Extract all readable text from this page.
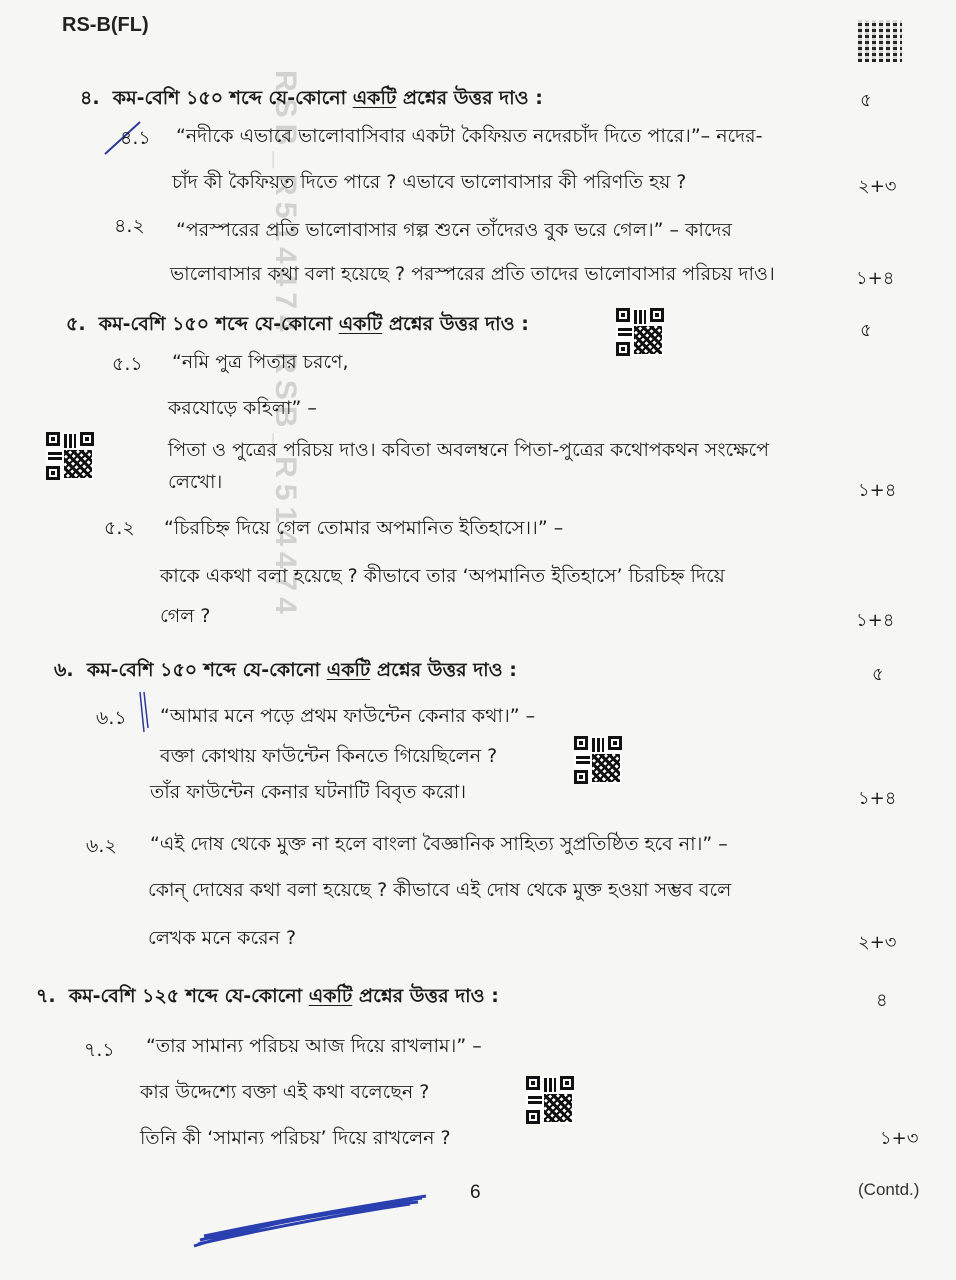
RS-B(FL)
RSB_R514474 RSB_R514474
৪. কম-বেশি ১৫০ শব্দে যে-কোনো একটি প্রশ্নের উত্তর দাও :	৫
৪.১ “নদীকে এভাবে ভালোবাসিবার একটা কৈফিয়ত নদেরচাঁদ দিতে পারে।”– নদের-
চাঁদ কী কৈফিয়ত দিতে পারে ? এভাবে ভালোবাসার কী পরিণতি হয় ?	২+৩
৪.২ “পরস্পরের প্রতি ভালোবাসার গল্প শুনে তাঁদেরও বুক ভরে গেল।” – কাদের
ভালোবাসার কথা বলা হয়েছে ? পরস্পরের প্রতি তাদের ভালোবাসার পরিচয় দাও।	১+৪
৫. কম-বেশি ১৫০ শব্দে যে-কোনো একটি প্রশ্নের উত্তর দাও :	৫
৫.১ “নমি পুত্র পিতার চরণে,
করযোড়ে কহিলা” –
পিতা ও পুত্রের পরিচয় দাও। কবিতা অবলম্বনে পিতা-পুত্রের কথোপকথন সংক্ষেপে
লেখো।	১+৪
৫.২ “চিরচিহ্ন দিয়ে গেল তোমার অপমানিত ইতিহাসে।।” –
কাকে একথা বলা হয়েছে ? কীভাবে তার ‘অপমানিত ইতিহাসে’ চিরচিহ্ন দিয়ে
গেল ?	১+৪
৬. কম-বেশি ১৫০ শব্দে যে-কোনো একটি প্রশ্নের উত্তর দাও :	৫
৬.১ “আমার মনে পড়ে প্রথম ফাউন্টেন কেনার কথা।” –
বক্তা কোথায় ফাউন্টেন কিনতে গিয়েছিলেন ?
তাঁর ফাউন্টেন কেনার ঘটনাটি বিবৃত করো।	১+৪
৬.২ “এই দোষ থেকে মুক্ত না হলে বাংলা বৈজ্ঞানিক সাহিত্য সুপ্রতিষ্ঠিত হবে না।” –
কোন্ দোষের কথা বলা হয়েছে ? কীভাবে এই দোষ থেকে মুক্ত হওয়া সম্ভব বলে
লেখক মনে করেন ?	২+৩
৭. কম-বেশি ১২৫ শব্দে যে-কোনো একটি প্রশ্নের উত্তর দাও :	৪
৭.১ “তার সামান্য পরিচয় আজ দিয়ে রাখলাম।” –
কার উদ্দেশ্যে বক্তা এই কথা বলেছেন ?
তিনি কী ‘সামান্য পরিচয়’ দিয়ে রাখলেন ?	১+৩
6	(Contd.)
